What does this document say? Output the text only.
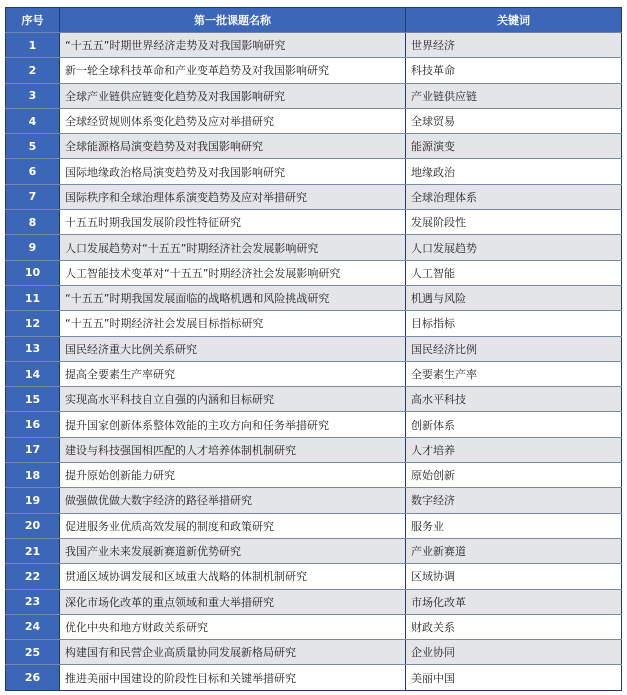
序号	第一批课题名称	关键词
1	“十五五”时期世界经济走势及对我国影响研究	世界经济
2	新一轮全球科技革命和产业变革趋势及对我国影响研究	科技革命
3	全球产业链供应链变化趋势及对我国影响研究	产业链供应链
4	全球经贸规则体系变化趋势及应对举措研究	全球贸易
5	全球能源格局演变趋势及对我国影响研究	能源演变
6	国际地缘政治格局演变趋势及对我国影响研究	地缘政治
7	国际秩序和全球治理体系演变趋势及应对举措研究	全球治理体系
8	十五五时期我国发展阶段性特征研究	发展阶段性
9	人口发展趋势对“十五五”时期经济社会发展影响研究	人口发展趋势
10	人工智能技术变革对“十五五”时期经济社会发展影响研究	人工智能
11	“十五五”时期我国发展面临的战略机遇和风险挑战研究	机遇与风险
12	“十五五”时期经济社会发展目标指标研究	目标指标
13	国民经济重大比例关系研究	国民经济比例
14	提高全要素生产率研究	全要素生产率
15	实现高水平科技自立自强的内涵和目标研究	高水平科技
16	提升国家创新体系整体效能的主攻方向和任务举措研究	创新体系
17	建设与科技强国相匹配的人才培养体制机制研究	人才培养
18	提升原始创新能力研究	原始创新
19	做强做优做大数字经济的路径举措研究	数字经济
20	促进服务业优质高效发展的制度和政策研究	服务业
21	我国产业未来发展新赛道新优势研究	产业新赛道
22	贯通区域协调发展和区域重大战略的体制机制研究	区域协调
23	深化市场化改革的重点领域和重大举措研究	市场化改革
24	优化中央和地方财政关系研究	财政关系
25	构建国有和民营企业高质量协同发展新格局研究	企业协同
26	推进美丽中国建设的阶段性目标和关键举措研究	美丽中国
